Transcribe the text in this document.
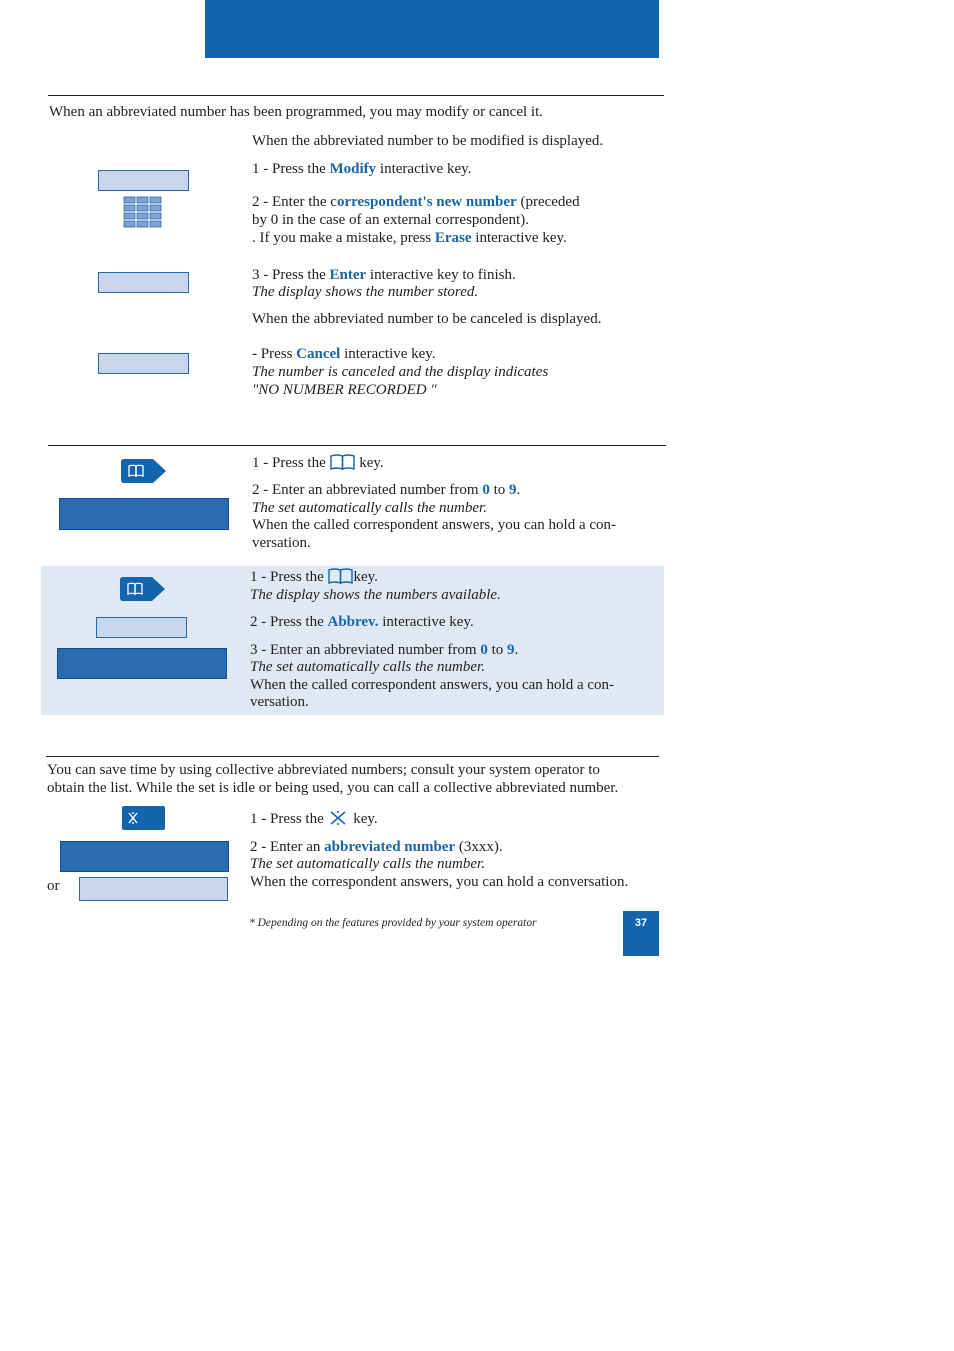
When an abbreviated number has been programmed, you may modify or cancel it.
When the abbreviated number to be modified is displayed.
1 - Press the Modify interactive key.
2 - Enter the correspondent's new number (preceded
by 0 in the case of an external correspondent).
. If you make a mistake, press Erase interactive key.
3 - Press the Enter interactive key to finish.
The display shows the number stored.
When the abbreviated number to be canceled is displayed.
- Press Cancel interactive key.
The number is canceled and the display indicates
"NO NUMBER RECORDED "
1 - Press the  key.
2 - Enter an abbreviated number from 0 to 9.
The set automatically calls the number.
When the called correspondent answers, you can hold a con-
versation.
1 - Press the key.
The display shows the numbers available.
2 - Press the Abbrev. interactive key.
3 - Enter an abbreviated number from 0 to 9.
The set automatically calls the number.
When the called correspondent answers, you can hold a con-
versation.
You can save time by using collective abbreviated numbers; consult your system operator to
obtain the list. While the set is idle or being used, you can call a collective abbreviated number.
1 - Press the  key.
2 - Enter an abbreviated number (3xxx).
The set automatically calls the number.
When the correspondent answers, you can hold a conversation.
or
* Depending on the features provided by your system operator	37
